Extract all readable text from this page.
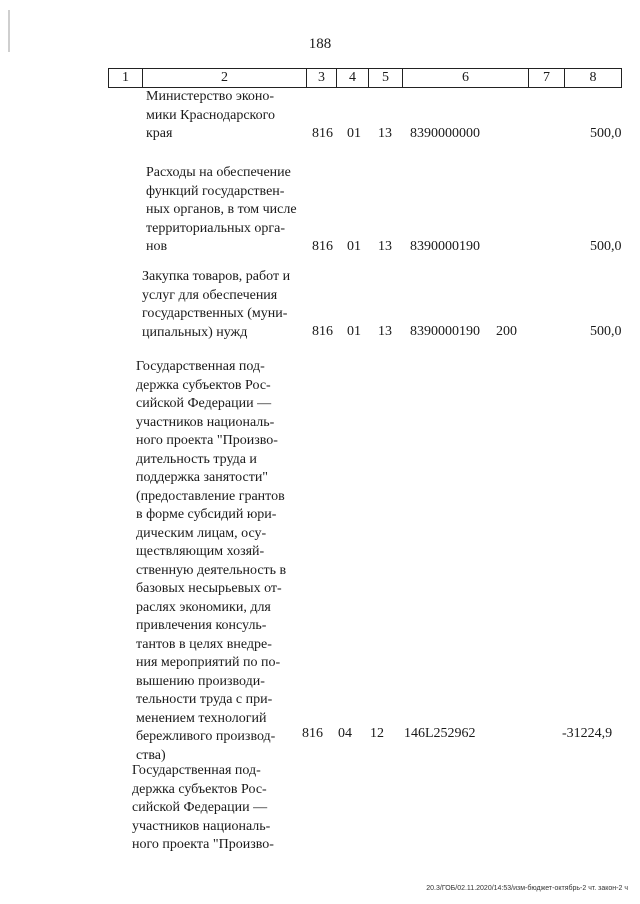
188
1	2	3	4	5	6	7	8
Министерство эконо-
мики Краснодарского
края	816 01 13 8390000000	500,0
Расходы на обеспечение
функций государствен-
ных органов, в том числе
территориальных орга-
нов	816 01 13 8390000190	500,0
Закупка товаров, работ и
услуг для обеспечения
государственных (муни-
ципальных) нужд	816 01 13 8390000190 200	500,0
Государственная под-
держка субъектов Рос-
сийской Федерации —
участников националь-
ного проекта "Произво-
дительность труда и
поддержка занятости"
(предоставление грантов
в форме субсидий юри-
дическим лицам, осу-
ществляющим хозяй-
ственную деятельность в
базовых несырьевых от-
раслях экономики, для
привлечения консуль-
тантов в целях внедре-
ния мероприятий по по-
вышению производи-
тельности труда с при-
менением технологий
бережливого производ-
ства)
816 04 12 146L252962	-31224,9
Государственная под-
держка субъектов Рос-
сийской Федерации —
участников националь-
ного проекта "Произво-
20.3/ГОБ/02.11.2020/14:53/изм-бюджет-октябрь-2 чт. закон-2 ч
